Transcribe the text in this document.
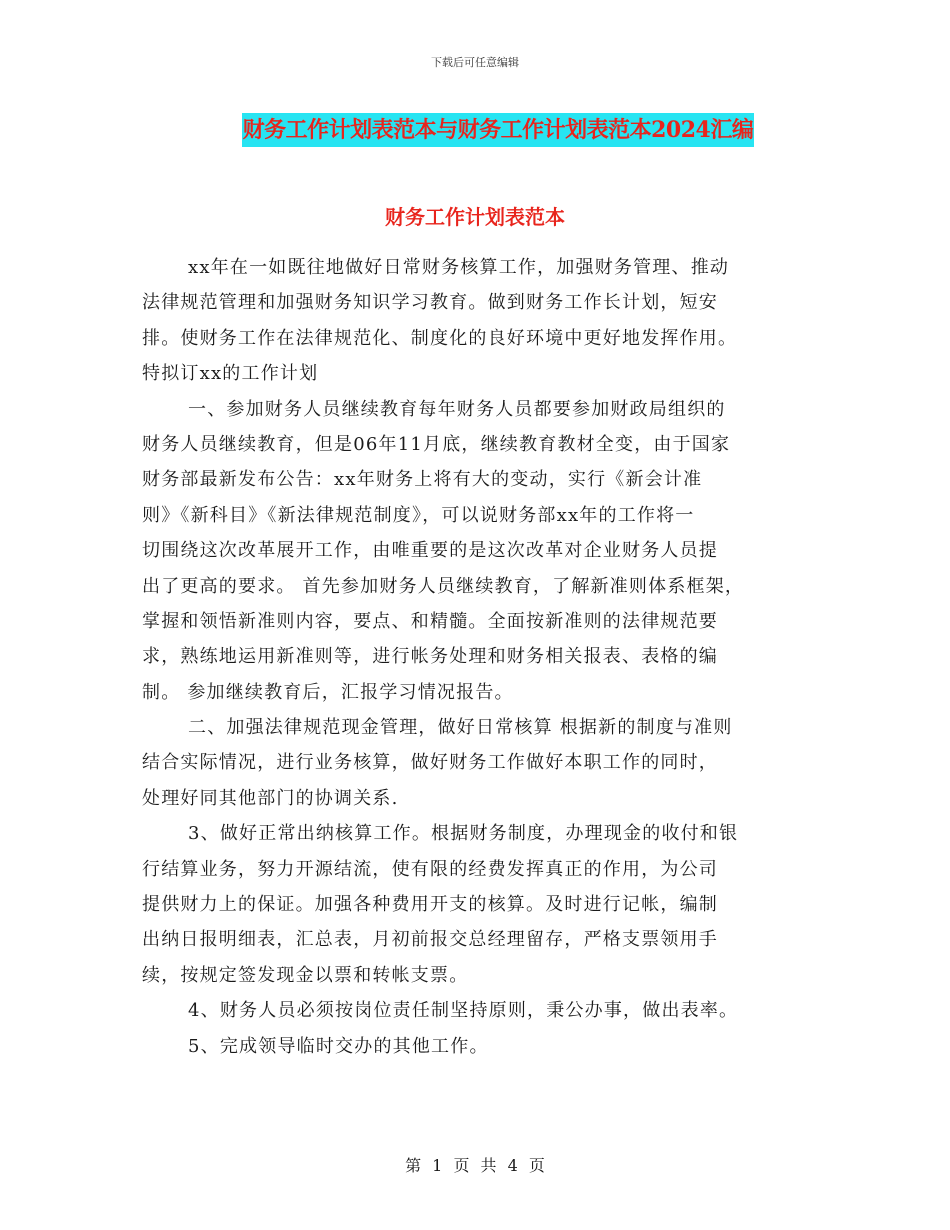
下载后可任意编辑
财务工作计划表范本与财务工作计划表范本2024汇编
财务工作计划表范本
xx年在一如既往地做好日常财务核算工作，加强财务管理、推动
法律规范管理和加强财务知识学习教育。做到财务工作长计划，短安
排。使财务工作在法律规范化、制度化的良好环境中更好地发挥作用。
特拟订xx的工作计划
一、参加财务人员继续教育每年财务人员都要参加财政局组织的
财务人员继续教育，但是06年11月底，继续教育教材全变，由于国家
财务部最新发布公告：xx年财务上将有大的变动，实行《新会计准
则》《新科目》《新法律规范制度》，可以说财务部xx年的工作将一
切围绕这次改革展开工作，由唯重要的是这次改革对企业财务人员提
出了更高的要求。 首先参加财务人员继续教育，了解新准则体系框架，
掌握和领悟新准则内容，要点、和精髓。全面按新准则的法律规范要
求，熟练地运用新准则等，进行帐务处理和财务相关报表、表格的编
制。 参加继续教育后，汇报学习情况报告。
二、加强法律规范现金管理，做好日常核算 根据新的制度与准则
结合实际情况，进行业务核算，做好财务工作做好本职工作的同时，
处理好同其他部门的协调关系.
3、做好正常出纳核算工作。根据财务制度，办理现金的收付和银
行结算业务，努力开源结流，使有限的经费发挥真正的作用，为公司
提供财力上的保证。加强各种费用开支的核算。及时进行记帐，编制
出纳日报明细表，汇总表，月初前报交总经理留存，严格支票领用手
续，按规定签发现金以票和转帐支票。
4、财务人员必须按岗位责任制坚持原则，秉公办事，做出表率。
5、完成领导临时交办的其他工作。
第 1 页 共 4 页
